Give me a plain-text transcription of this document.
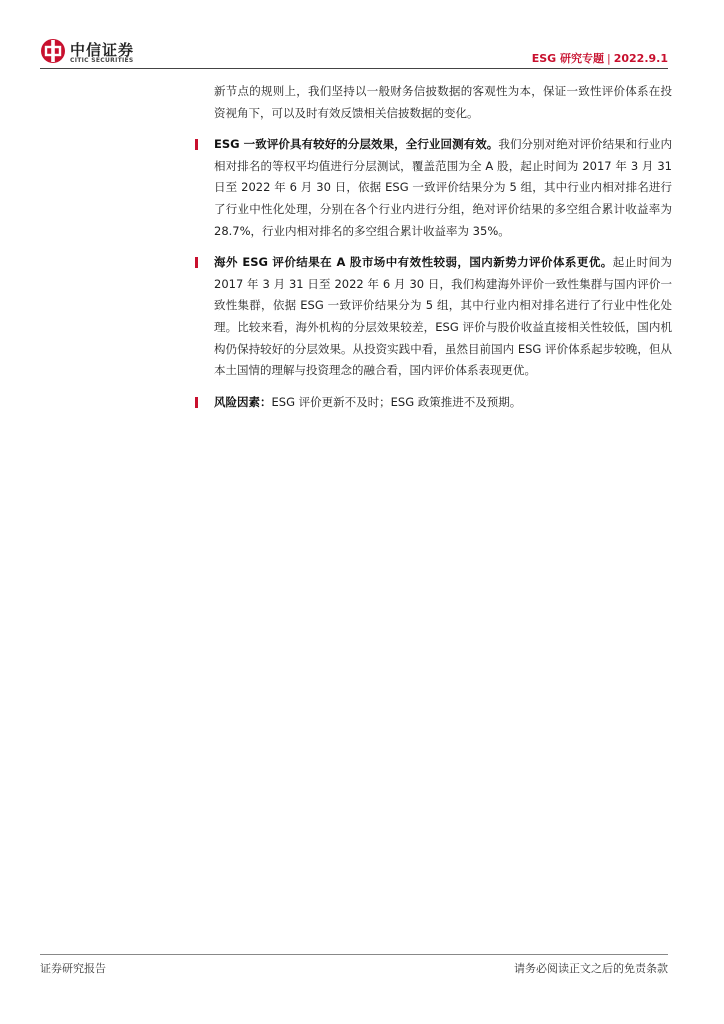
中信证券
CITIC SECURITIES	ESG 研究专题 | 2022.9.1

新节点的规则上，我们坚持以一般财务信披数据的客观性为本，保证一致性评价体系在投资视角下，可以及时有效反馈相关信披数据的变化。

ESG 一致评价具有较好的分层效果，全行业回测有效。我们分别对绝对评价结果和行业内相对排名的等权平均值进行分层测试，覆盖范围为全 A 股，起止时间为 2017 年 3 月 31 日至 2022 年 6 月 30 日，依据 ESG 一致评价结果分为 5 组，其中行业内相对排名进行了行业中性化处理，分别在各个行业内进行分组，绝对评价结果的多空组合累计收益率为 28.7%，行业内相对排名的多空组合累计收益率为 35%。

海外 ESG 评价结果在 A 股市场中有效性较弱，国内新势力评价体系更优。起止时间为 2017 年 3 月 31 日至 2022 年 6 月 30 日，我们构建海外评价一致性集群与国内评价一致性集群，依据 ESG 一致评价结果分为 5 组，其中行业内相对排名进行了行业中性化处理。比较来看，海外机构的分层效果较差，ESG 评价与股价收益直接相关性较低，国内机构仍保持较好的分层效果。从投资实践中看，虽然目前国内 ESG 评价体系起步较晚，但从本土国情的理解与投资理念的融合看，国内评价体系表现更优。

风险因素：ESG 评价更新不及时；ESG 政策推进不及预期。

证券研究报告	请务必阅读正文之后的免责条款
